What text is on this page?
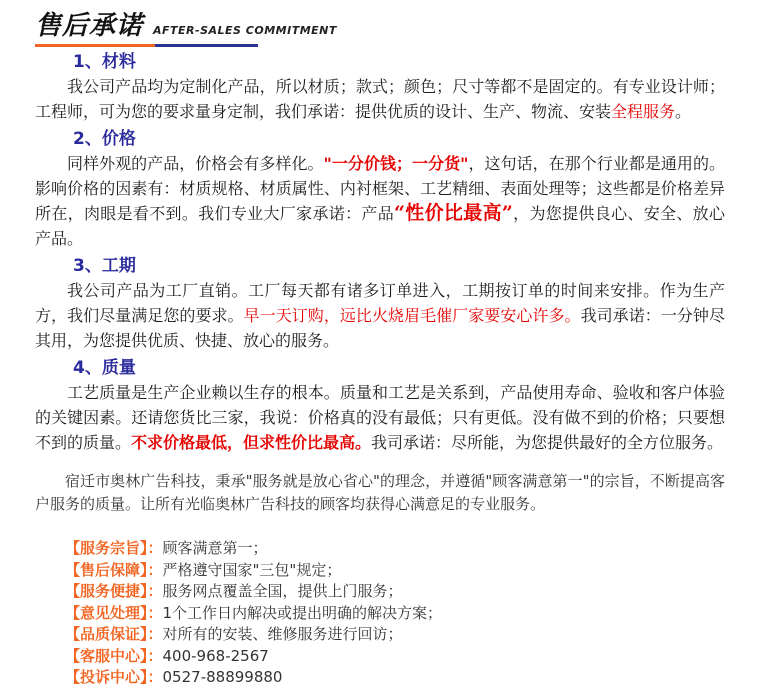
售后承诺 AFTER-SALES COMMITMENT
1、材料

我公司产品均为定制化产品，所以材质；款式；颜色；尺寸等都不是固定的。有专业设计师；工程师，可为您的要求量身定制，我们承诺：提供优质的设计、生产、物流、安装全程服务。

2、价格

同样外观的产品，价格会有多样化。"一分价钱；一分货"，这句话，在那个行业都是通用的。影响价格的因素有：材质规格、材质属性、内衬框架、工艺精细、表面处理等；这些都是价格差异所在，肉眼是看不到。我们专业大厂家承诺：产品“性价比最高”，为您提供良心、安全、放心产品。

3、工期

我公司产品为工厂直销。工厂每天都有诸多订单进入，工期按订单的时间来安排。作为生产方，我们尽量满足您的要求。早一天订购，远比火烧眉毛催厂家要安心许多。我司承诺：一分钟尽其用，为您提供优质、快捷、放心的服务。

4、质量

工艺质量是生产企业赖以生存的根本。质量和工艺是关系到，产品使用寿命、验收和客户体验的关键因素。还请您货比三家，我说：价格真的没有最低；只有更低。没有做不到的价格；只要想不到的质量。不求价格最低，但求性价比最高。我司承诺：尽所能，为您提供最好的全方位服务。

宿迁市奥林广告科技，秉承"服务就是放心省心"的理念，并遵循"顾客满意第一"的宗旨，不断提高客户服务的质量。让所有光临奥林广告科技的顾客均获得心满意足的专业服务。

【服务宗旨】：顾客满意第一；
【售后保障】：严格遵守国家"三包"规定；
【服务便捷】：服务网点覆盖全国，提供上门服务；
【意见处理】：1个工作日内解决或提出明确的解决方案；
【品质保证】：对所有的安装、维修服务进行回访；
【客服中心】：400-968-2567
【投诉中心】：0527-88899880
